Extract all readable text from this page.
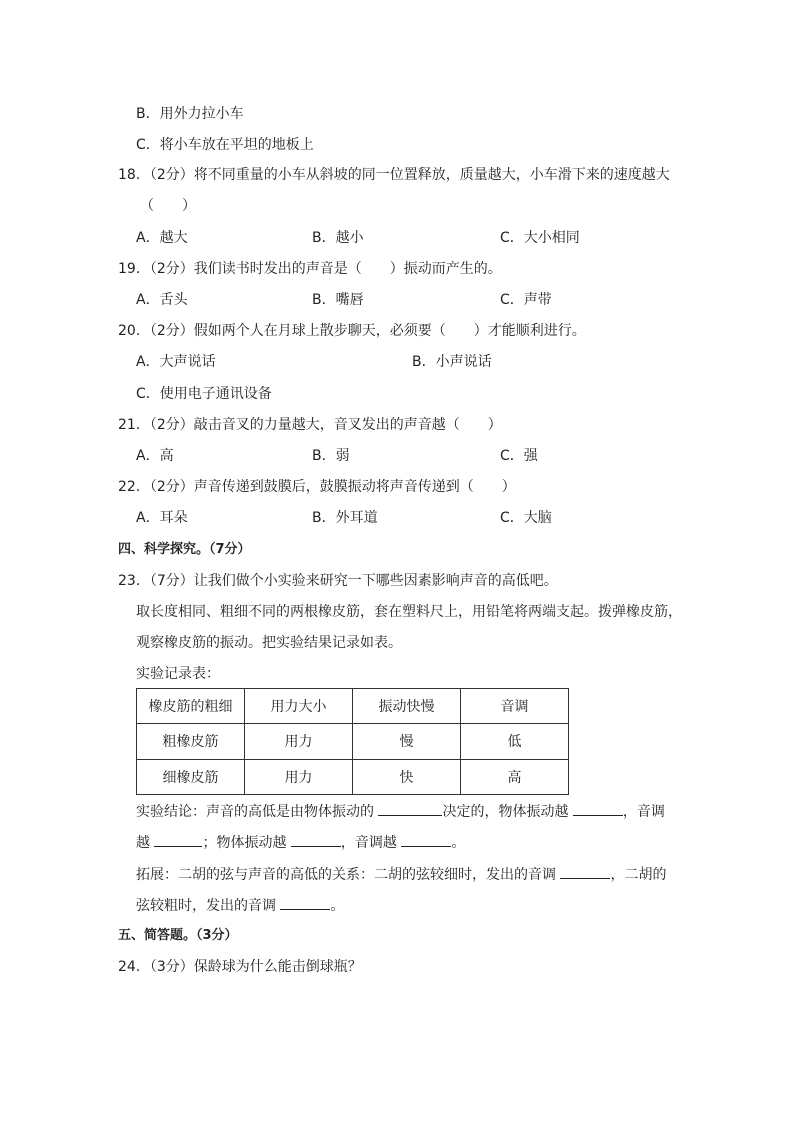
B．用外力拉小车
C．将小车放在平坦的地板上
18．（2分）将不同重量的小车从斜坡的同一位置释放，质量越大，小车滑下来的速度越大
（　　）
A．越大	B．越小	C．大小相同
19．（2分）我们读书时发出的声音是（　　）振动而产生的。
A．舌头	B．嘴唇	C．声带
20．（2分）假如两个人在月球上散步聊天，必须要（　　）才能顺利进行。
A．大声说话	B．小声说话
C．使用电子通讯设备
21．（2分）敲击音叉的力量越大，音叉发出的声音越（　　）
A．高	B．弱	C．强
22．（2分）声音传递到鼓膜后，鼓膜振动将声音传递到（　　）
A．耳朵	B．外耳道	C．大脑
四、科学探究。（7分）
23．（7分）让我们做个小实验来研究一下哪些因素影响声音的高低吧。
取长度相同、粗细不同的两根橡皮筋，套在塑料尺上，用铅笔将两端支起。拨弹橡皮筋，
观察橡皮筋的振动。把实验结果记录如表。
实验记录表：
橡皮筋的粗细	用力大小	振动快慢	音调
粗橡皮筋	用力	慢	低
细橡皮筋	用力	快	高
实验结论：声音的高低是由物体振动的	决定的，物体振动越	，音调
越	；物体振动越	，音调越	。
拓展：二胡的弦与声音的高低的关系：二胡的弦较细时，发出的音调	，二胡的
弦较粗时，发出的音调	。
五、简答题。（3分）
24．（3分）保龄球为什么能击倒球瓶？
